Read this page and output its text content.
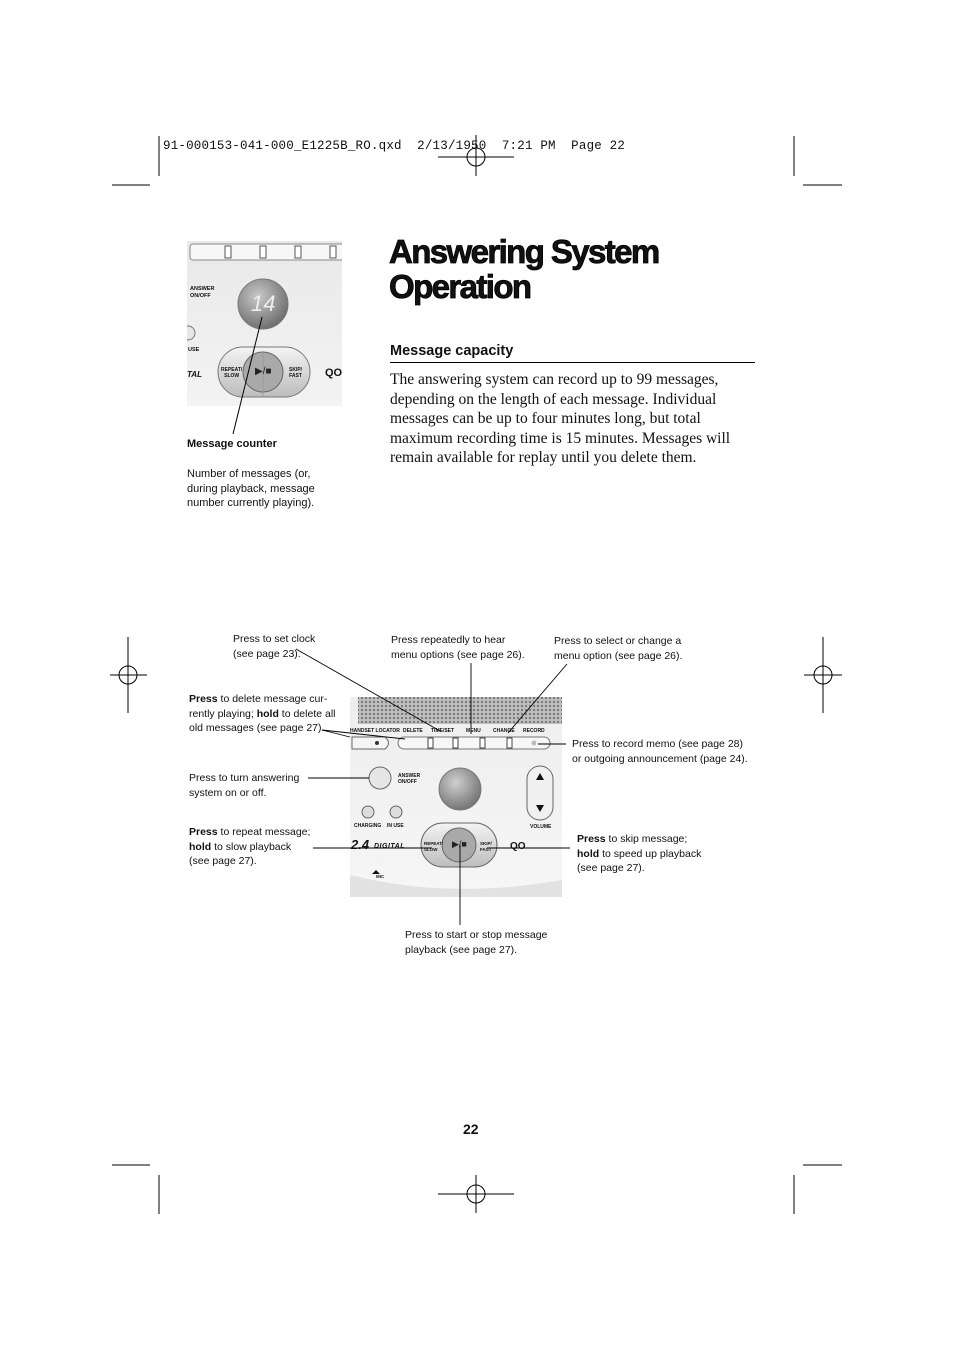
91-000153-041-000_E1225B_RO.qxd  2/13/1950  7:21 PM  Page 22
Answering System
Operation
Message capacity
The answering system can record up to 99 messages, depending on the length of each message. Individual messages can be up to four minutes long, but total maximum recording time is 15 minutes. Messages will remain available for replay until you delete them.
14
ANSWER
ON/OFF
USE
TAL	REPEAT/
SLOW	▶/■	SKIP/
FAST QO
Message counter
Number of messages (or, during playback, message number currently playing).
HANDSET LOCATOR DELETE TIME/SET MENU CHANGE RECORD
ANSWER
ON/OFF
CHARGING IN USE	VOLUME
REPEAT/
SLOW	▶/■	SKIP/
FAST
2.4 DIGITAL	QO
MIC
Press to set clock
(see page 23).
Press repeatedly to hear
menu options (see page 26).
Press to select or change a
menu option (see page 26).
Press to delete message cur-
rently playing; hold to delete all
old messages (see page 27).
Press to record memo (see page 28)
or outgoing announcement (page 24).
Press to turn answering
system on or off.
Press to repeat message;
hold to slow playback
(see page 27).
Press to skip message;
hold to speed up playback
(see page 27).
Press to start or stop message
playback (see page 27).
22
